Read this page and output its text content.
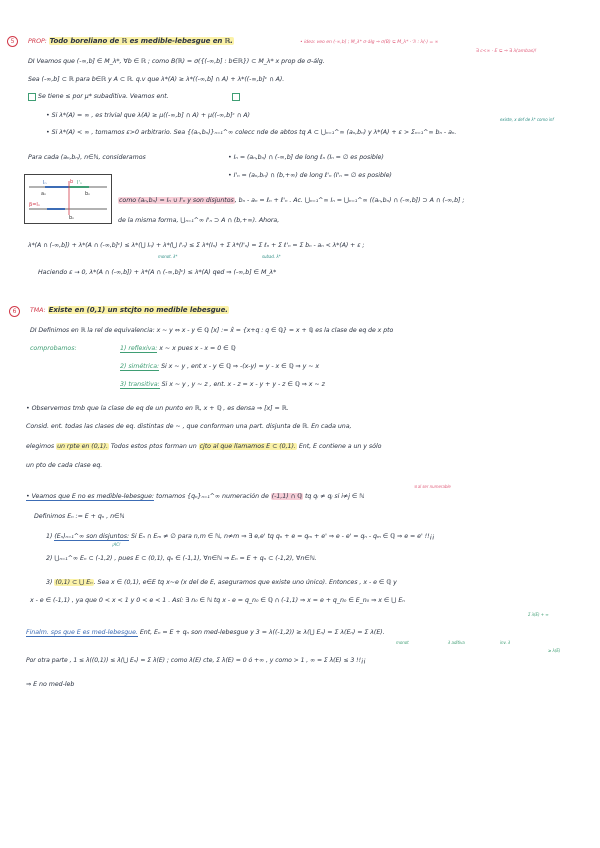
5	PROP: Todo boreliano de ℝ es medible-lebesgue en ℝ.	• idea: veo en (-∞,b] ; M_λ* σ-álg ⇒ σ(B) ⊆ M_λ* · ℬ : λ(·) = ∞
∃ c<∞ · E ⊆ ⇒ ∃ λ(ambas)!
DI Veamos que (-∞,b] ∈ M_λ*, ∀b ∈ ℝ ; como B(ℝ) = σ({(-∞,b] : b∈ℝ}) ⊂ M_λ* x prop de σ-álg.
Sea (-∞,b] ⊂ ℝ para b∈ℝ y A ⊂ ℝ. q.v que λ*(A) ≥ λ*((-∞,b] ∩ A) + λ*((-∞,b]ᶜ ∩ A).
Se tiene ≤ por μ* subaditiva. Veamos ent.
• Si λ*(A) = ∞ , es trivial que λ(A) ≥ μ((-∞,b] ∩ A) + μ((-∞,b]ᶜ ∩ A)
existe, x def de λ* como inf
• Si λ*(A) < ∞ , tomamos ε>0 arbitrario. Sea {(aₙ,bₙ)}ₙ₌₁^∞ colecc nde de abtos tq A ⊂ ⋃ₙ₌₁^∞ (aₙ,bₙ) y λ*(A) + ε > Σₙ₌₁^∞ bₙ - aₙ.
Para cada (aₙ,bₙ), n∈ℕ, consideramos	• Iₙ = (aₙ,bₙ) ∩ (-∞,b] de long ℓₙ (Iₙ = ∅ es posible)
• I'ₙ = (aₙ,bₙ) ∩ (b,+∞) de long ℓ'ₙ (I'ₙ = ∅ es posible)
Iₙ	b I'ₙ
aₙ	bₙ
β=Iₙ
bₙ
como (aₙ,bₙ) = Iₙ ∪ I'ₙ y son disjuntos, bₙ - aₙ = ℓₙ + ℓ'ₙ . Ac. ⋃ₙ₌₁^∞ Iₙ = ⋃ₙ₌₁^∞ ((aₙ,bₙ) ∩ (-∞,b]) ⊃ A ∩ (-∞,b] ;
de la misma forma, ⋃ₙ₌₁^∞ I'ₙ ⊃ A ∩ (b,+∞). Ahora,
λ*(A ∩ (-∞,b]) + λ*(A ∩ (-∞,b]ᶜ) ≤ λ*(⋃ Iₙ) + λ*(⋃ I'ₙ) ≤ Σ λ*(Iₙ) + Σ λ*(I'ₙ) = Σ ℓₙ + Σ ℓ'ₙ = Σ bₙ - aₙ < λ*(A) + ε ;
monot. λ*	subad. λ*
Haciendo ε → 0, λ*(A ∩ (-∞,b]) + λ*(A ∩ (-∞,b]ᶜ) ≤ λ*(A) qed ⇒ (-∞,b] ∈ M_λ*
6	TMA: Existe en (0,1) un stcjto no medible lebesgue.
DI Definimos en ℝ la rel de equivalencia: x ~ y ⇔ x - y ∈ ℚ [x] := x̂ = {x+q : q ∈ ℚ} = x + ℚ es la clase de eq de x pto
comprobamos:	1) reflexiva: x ~ x pues x - x = 0 ∈ ℚ
2) simétrica: Si x ~ y , ent x - y ∈ ℚ ⇒ -(x-y) = y - x ∈ ℚ ⇒ y ~ x
3) transitiva: Si x ~ y , y ~ z , ent. x - z = x - y + y - z ∈ ℚ ⇒ x ~ z
• Observemos tmb que la clase de eq de un punto en ℝ, x + ℚ , es densa ⇒ [x] = ℝ.
Consid. ent. todas las clases de eq. distintas de ~ , que conforman una part. disjunta de ℝ. En cada una,
elegimos un rpte en (0,1). Todos estos ptos forman un cjto al que llamamos E ⊂ (0,1). Ent, E contiene a un y sólo
un pto de cada clase eq.
• Veamos que E no es medible-lebesgue: tomamos {qₙ}ₙ₌₁^∞ numeración de (-1,1) ∩ ℚ tq qᵢ ≠ qⱼ si i≠j ∈ ℕ
∃ al ser numerable
Definimos Eₙ := E + qₙ , n∈ℕ
1) (Eₙ)ₙ₌₁^∞ son disjuntos: Si Eₙ ∩ Eₘ ≠ ∅ para n,m ∈ ℕ, n≠m ⇒ ∃ e,e' tq qₙ + e = qₘ + e' ⇒ e - e' = qₙ - qₘ ∈ ℚ ⇒ e = e' !!¡¡
¡AC!
2) ⋃ₙ₌₁^∞ Eₙ ⊂ (-1,2) , pues E ⊂ (0,1), qₙ ∈ (-1,1), ∀n∈ℕ ⇒ Eₙ = E + qₙ ⊂ (-1,2), ∀n∈ℕ.
3) (0,1) ⊂ ⋃ Eₙ. Sea x ∈ (0,1), e∈E tq x~e (x del de E, aseguramos que existe uno único). Entonces , x - e ∈ ℚ y
x - e ∈ (-1,1) , ya que 0 < x < 1 y 0 < e < 1 . Así: ∃ n₀ ∈ ℕ tq x - e = q_n₀ ∈ ℚ ∩ (-1,1) ⇒ x = e + q_n₀ ∈ E_n₀ ⇒ x ∈ ⋃ Eₙ
Finalm. sps que E es med-lebesgue. Ent, Eₙ = E + qₙ son med-lebesgue y 3 = λ((-1,2)) ≥ λ(⋃ Eₙ) = Σ λ(Eₙ) = Σ λ(E).
monot	λ aditiva	inv. λ
Σ λ(E) + ∞
≥ λ(E)
Por otra parte , 1 ≤ λ((0,1)) ≤ λ(⋃ Eₙ) = Σ λ(E) ; como λ(E) cte, Σ λ(E) = 0 ó +∞ , y como > 1 , ∞ = Σ λ(E) ≤ 3 !!¡¡
⇒ E no med-leb
